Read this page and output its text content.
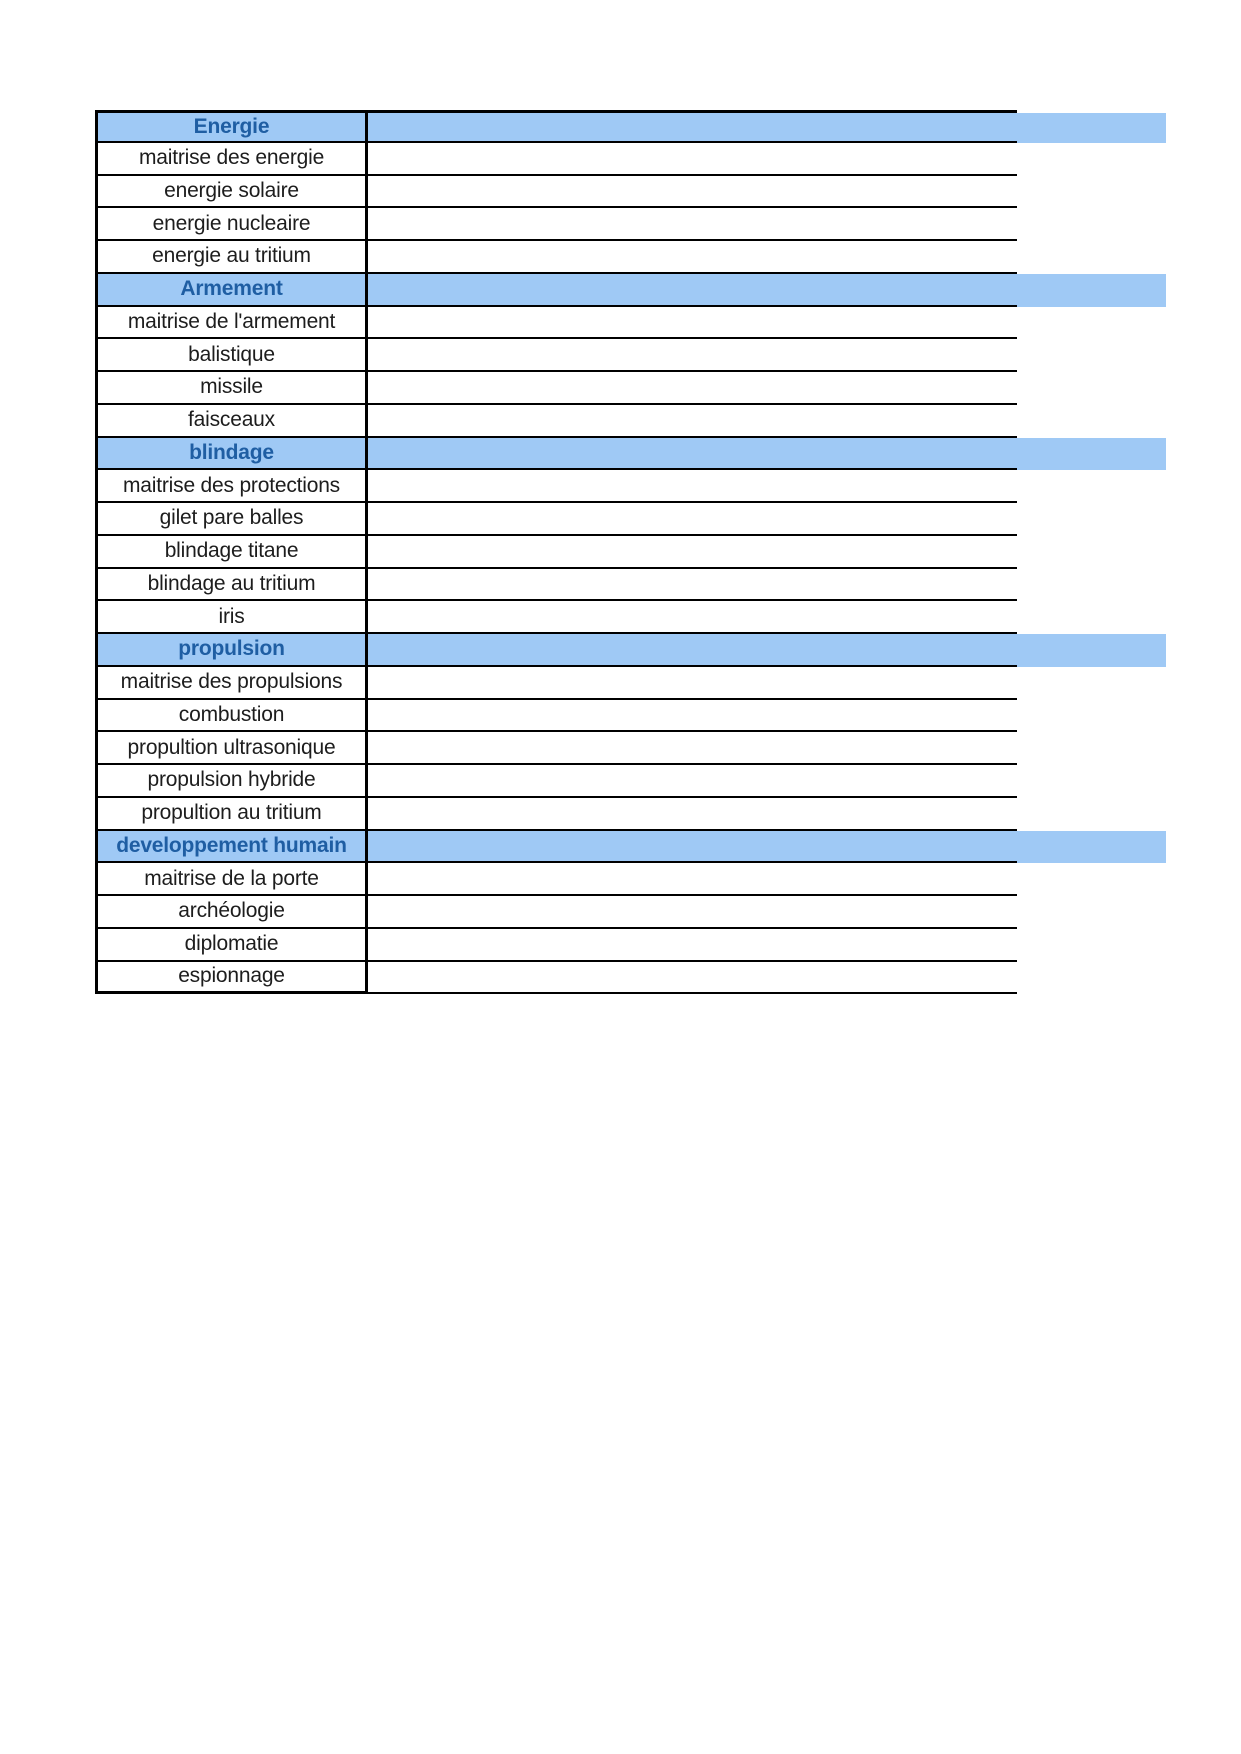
Energie
maitrise des energie
energie solaire
energie nucleaire
energie au tritium
Armement
maitrise de l'armement
balistique
missile
faisceaux
blindage
maitrise des protections
gilet pare balles
blindage titane
blindage au tritium
iris
propulsion
maitrise des propulsions
combustion
propultion ultrasonique
propulsion hybride
propultion au tritium
developpement humain
maitrise de la porte
archéologie
diplomatie
espionnage
